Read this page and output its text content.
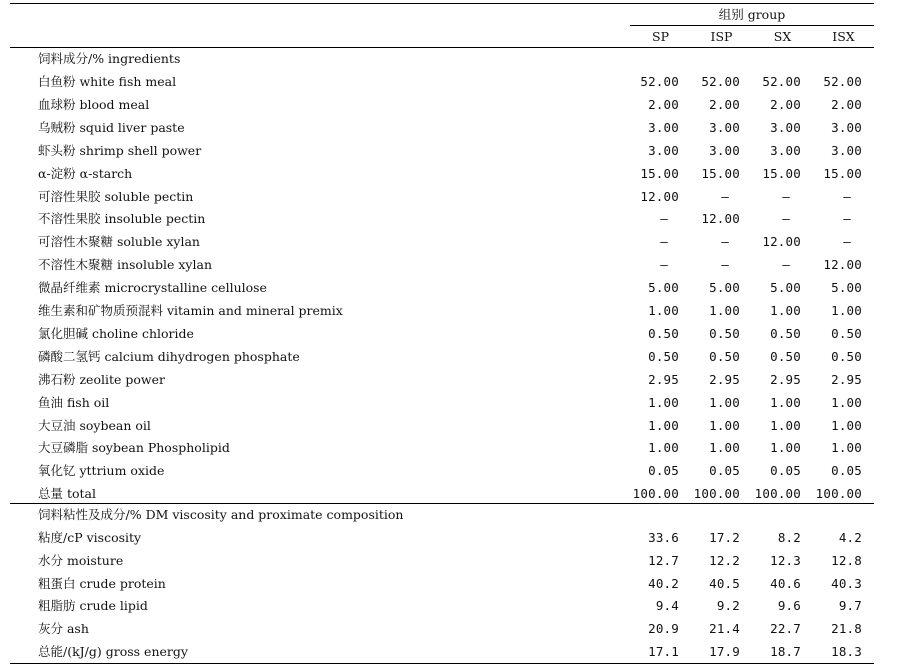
组别 group
SP	ISP	SX	ISX
饲料成分/% ingredients
白鱼粉 white fish meal	52.00	52.00	52.00	52.00
血球粉 blood meal	2.00	2.00	2.00	2.00
乌贼粉 squid liver paste	3.00	3.00	3.00	3.00
虾头粉 shrimp shell power	3.00	3.00	3.00	3.00
α-淀粉 α-starch	15.00	15.00	15.00	15.00
可溶性果胶 soluble pectin	12.00	–	–	–
不溶性果胶 insoluble pectin	–	12.00	–	–
可溶性木聚糖 soluble xylan	–	–	12.00	–
不溶性木聚糖 insoluble xylan	–	–	–	12.00
微晶纤维素 microcrystalline cellulose	5.00	5.00	5.00	5.00
维生素和矿物质预混料 vitamin and mineral premix	1.00	1.00	1.00	1.00
氯化胆碱 choline chloride	0.50	0.50	0.50	0.50
磷酸二氢钙 calcium dihydrogen phosphate	0.50	0.50	0.50	0.50
沸石粉 zeolite power	2.95	2.95	2.95	2.95
鱼油 fish oil	1.00	1.00	1.00	1.00
大豆油 soybean oil	1.00	1.00	1.00	1.00
大豆磷脂 soybean Phospholipid	1.00	1.00	1.00	1.00
氧化钇 yttrium oxide	0.05	0.05	0.05	0.05
总量 total	100.00	100.00	100.00	100.00
饲料粘性及成分/% DM viscosity and proximate composition
粘度/cP viscosity	33.6	17.2	8.2	4.2
水分 moisture	12.7	12.2	12.3	12.8
粗蛋白 crude protein	40.2	40.5	40.6	40.3
粗脂肪 crude lipid	9.4	9.2	9.6	9.7
灰分 ash	20.9	21.4	22.7	21.8
总能/(kJ/g) gross energy	17.1	17.9	18.7	18.3
